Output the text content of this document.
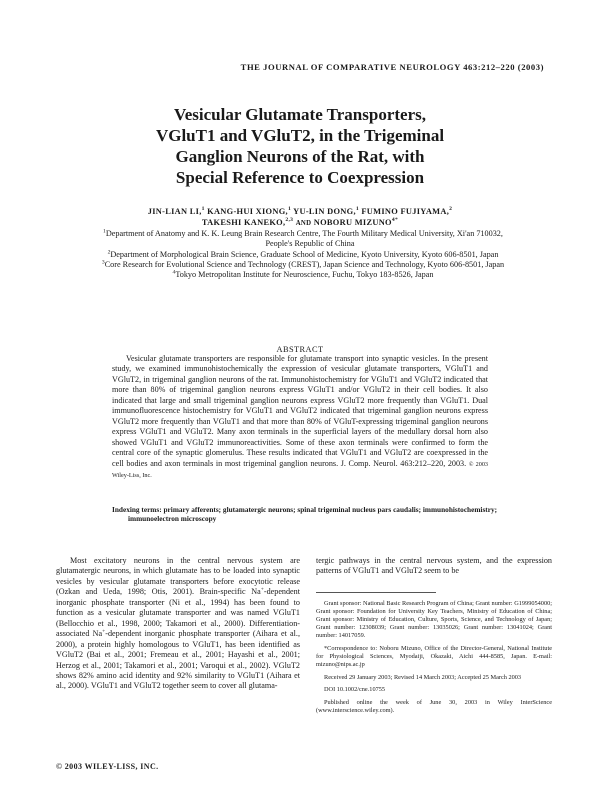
THE JOURNAL OF COMPARATIVE NEUROLOGY 463:212–220 (2003)
Vesicular Glutamate Transporters,
VGluT1 and VGluT2, in the Trigeminal
Ganglion Neurons of the Rat, with
Special Reference to Coexpression
JIN-LIAN LI,$^1$ KANG-HUI XIONG,$^1$ YU-LIN DONG,$^1$ FUMINO FUJIYAMA,$^2$
TAKESHI KANEKO,$^{2,3}$ AND NOBORU $MIZUNO^{4*}$
$^1$Department of Anatomy and K. K. Leung Brain Research Centre, The Fourth Military Medical University, Xi'an 710032, People's Republic of China
$^2$Department of Morphological Brain Science, Graduate School of Medicine, Kyoto University, Kyoto 606-8501, Japan
$^3$Core Research for Evolutional Science and Technology (CREST), Japan Science and Technology, Kyoto 606-8501, Japan
$^4$Tokyo Metropolitan Institute for Neuroscience, Fuchu, Tokyo 183-8526, Japan
ABSTRACT
Vesicular glutamate transporters are responsible for glutamate transport into synaptic vesicles. In the present study, we examined immunohistochemically the expression of vesicular glutamate transporters, VGluT1 and VGluT2, in trigeminal ganglion neurons of the rat. Immunohistochemistry for VGluT1 and VGluT2 indicated that more than 80% of trigeminal ganglion neurons express VGluT1 and/or VGluT2 in their cell bodies. It also indicated that large and small trigeminal ganglion neurons express VGluT2 more frequently than VGluT1. Dual immunofluorescence histochemistry for VGluT1 and VGluT2 indicated that trigeminal ganglion neurons express VGluT2 more frequently than VGluT1 and that more than 80% of VGluT-expressing trigeminal ganglion neurons express VGluT1 and VGluT2. Many axon terminals in the superficial layers of the medullary dorsal horn also showed VGluT1 and VGluT2 immunoreactivities. Some of these axon terminals were confirmed to form the central core of the synaptic glomerulus. These results indicated that VGluT1 and VGluT2 are coexpressed in the cell bodies and axon terminals in most trigeminal ganglion neurons. J. Comp. Neurol. 463:212–220, 2003. © 2003 Wiley-Liss, Inc.
Indexing terms: primary afferents; glutamatergic neurons; spinal trigeminal nucleus pars caudalis; immunohistochemistry; immunoelectron microscopy
Most excitatory neurons in the central nervous system are glutamatergic neurons, in which glutamate has to be loaded into synaptic vesicles by vesicular glutamate transporters before exocytotic release (Ozkan and Ueda, 1998; Otis, 2001). Brain-specific Na+-dependent inorganic phosphate transporter (Ni et al., 1994) has been found to function as a vesicular glutamate transporter and was named VGluT1 (Bellocchio et al., 1998, 2000; Takamori et al., 2000). Differentiation-associated Na+-dependent inorganic phosphate transporter (Aihara et al., 2000), a protein highly homologous to VGluT1, has been identified as VGluT2 (Bai et al., 2001; Fremeau et al., 2001; Hayashi et al., 2001; Herzog et al., 2001; Takamori et al., 2001; Varoqui et al., 2002). VGluT2 shows 82% amino acid identity and 92% similarity to VGluT1 (Aihara et al., 2000). VGluT1 and VGluT2 together seem to cover all glutama-
tergic pathways in the central nervous system, and the expression patterns of VGluT1 and VGluT2 seem to be

Grant sponsor: National Basic Research Program of China; Grant number: G1999054000; Grant sponsor: Foundation for University Key Teachers, Ministry of Education of China; Grant sponsor: Ministry of Education, Culture, Sports, Science, and Technology of Japan; Grant number: 12308039; Grant number: 13035026; Grant number: 13041024; Grant number: 14017059.

*Correspondence to: Noboru Mizuno, Office of the Director-General, National Institute for Physiological Sciences, Myodaiji, Okazaki, Aichi 444-8585, Japan. E-mail: mizuno@nips.ac.jp

Received 29 January 2003; Revised 14 March 2003; Accepted 25 March 2003

DOI 10.1002/cne.10755

Published online the week of June 30, 2003 in Wiley InterScience (www.interscience.wiley.com).

© 2003 WILEY-LISS, INC.
